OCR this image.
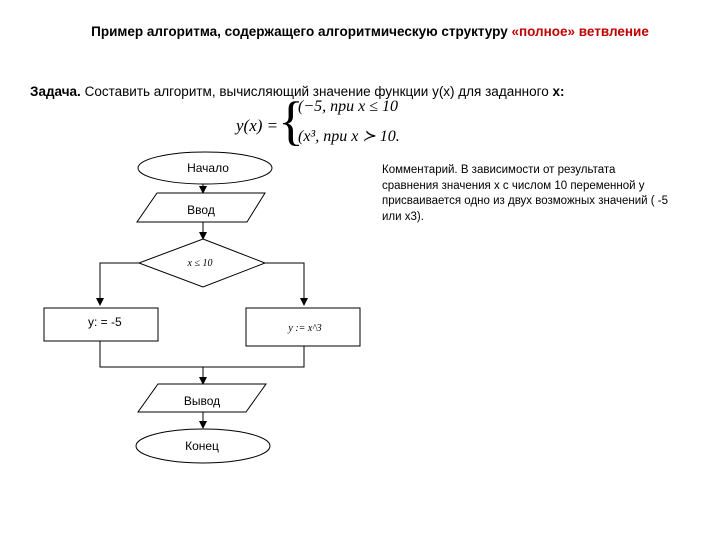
Пример алгоритма, содержащего алгоритмическую структуру «полное» ветвление
Задача. Составить алгоритм, вычисляющий значение функции y(x) для заданного x:
y(x) = {
(−5, при x ≤ 10
(x³, при x ≻ 10.
Комментарий. В зависимости от результата сравнения значения x с числом 10 переменной y присваивается одно из двух возможных значений ( -5 или x3).
Начало
Ввод
x ≤ 10
y: = -5	y := x^3
Вывод
Конец
